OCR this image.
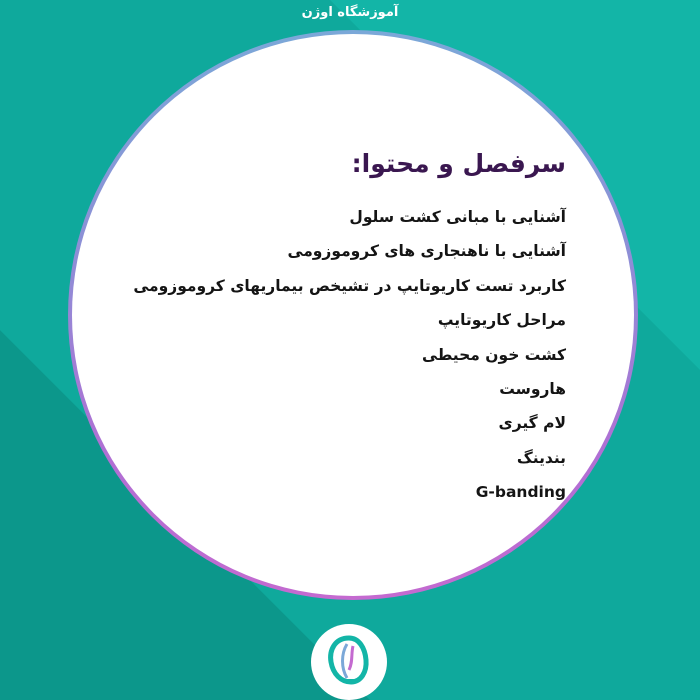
آموزشگاه اوژن
سرفصل و محتوا:
آشنایی با مبانی کشت سلول
آشنایی با ناهنجاری های کروموزومی
کاربرد تست کاریوتایپ در تشیخص بیماریهای کروموزومی
مراحل کاریوتایپ
کشت خون محیطی
هاروست
لام گیری
بندینگ
G-banding
